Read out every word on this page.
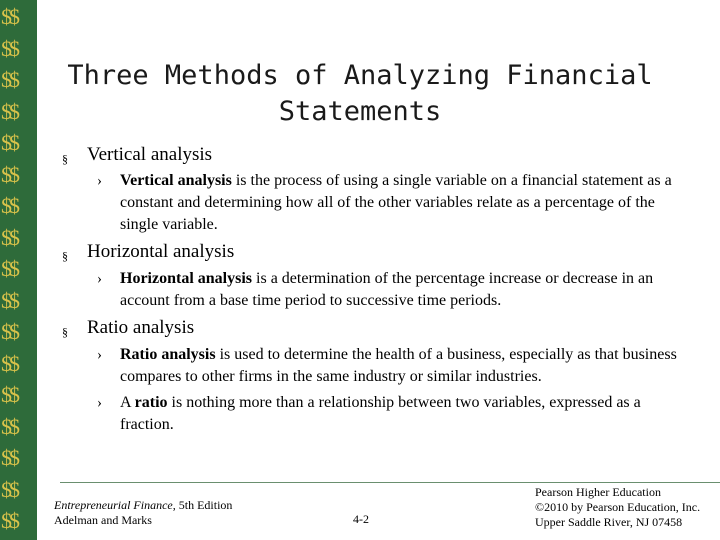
$$
$$
$$
$$
$$
$$
$$
$$
$$
$$
$$
$$
$$
$$
$$
$$
$$
Three Methods of Analyzing Financial
Statements
§ Vertical analysis
› Vertical analysis is the process of using a single variable on a financial statement as a constant and determining how all of the other variables relate as a percentage of the single variable.
§ Horizontal analysis
› Horizontal analysis is a determination of the percentage increase or decrease in an account from a base time period to successive time periods.
§ Ratio analysis
› Ratio analysis is used to determine the health of a business, especially as that business compares to other firms in the same industry or similar industries.
› A ratio is nothing more than a relationship between two variables, expressed as a fraction.
Entrepreneurial Finance, 5th Edition
Adelman and Marks	4-2
Pearson Higher Education
©2010 by Pearson Education, Inc.
Upper Saddle River, NJ 07458
